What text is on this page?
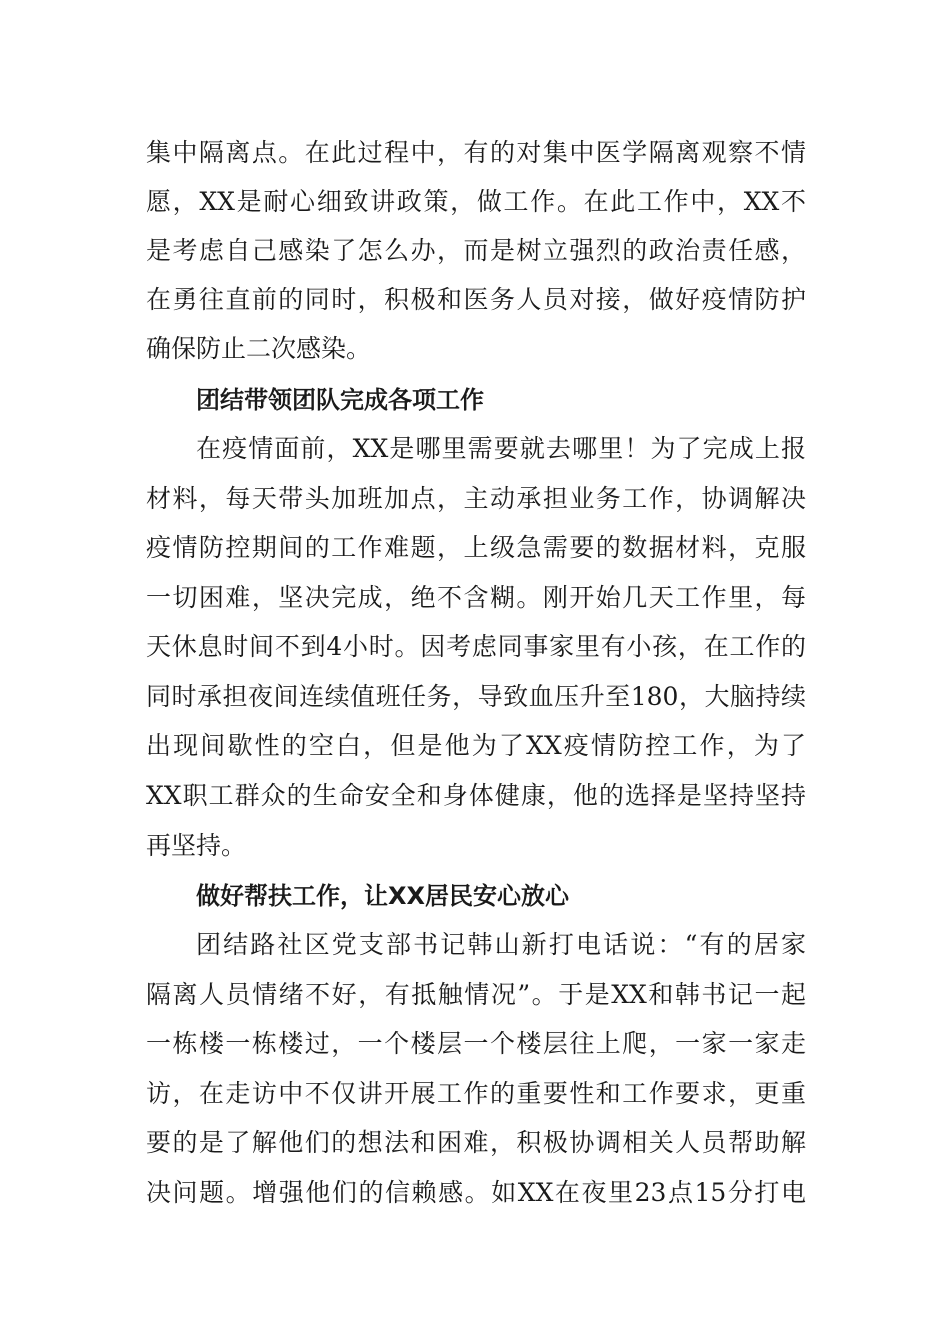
集中隔离点。在此过程中，有的对集中医学隔离观察不情
愿，XX是耐心细致讲政策，做工作。在此工作中，XX不
是考虑自己感染了怎么办，而是树立强烈的政治责任感，
在勇往直前的同时，积极和医务人员对接，做好疫情防护
确保防止二次感染。
团结带领团队完成各项工作
在疫情面前，XX是哪里需要就去哪里！为了完成上报
材料，每天带头加班加点，主动承担业务工作，协调解决
疫情防控期间的工作难题，上级急需要的数据材料，克服
一切困难，坚决完成，绝不含糊。刚开始几天工作里，每
天休息时间不到4小时。因考虑同事家里有小孩，在工作的
同时承担夜间连续值班任务，导致血压升至180，大脑持续
出现间歇性的空白，但是他为了XX疫情防控工作，为了
XX职工群众的生命安全和身体健康，他的选择是坚持坚持
再坚持。
做好帮扶工作，让XX居民安心放心
团结路社区党支部书记韩山新打电话说：“有的居家
隔离人员情绪不好，有抵触情况”。于是XX和韩书记一起
一栋楼一栋楼过，一个楼层一个楼层往上爬，一家一家走
访，在走访中不仅讲开展工作的重要性和工作要求，更重
要的是了解他们的想法和困难，积极协调相关人员帮助解
决问题。增强他们的信赖感。如XX在夜里23点15分打电
